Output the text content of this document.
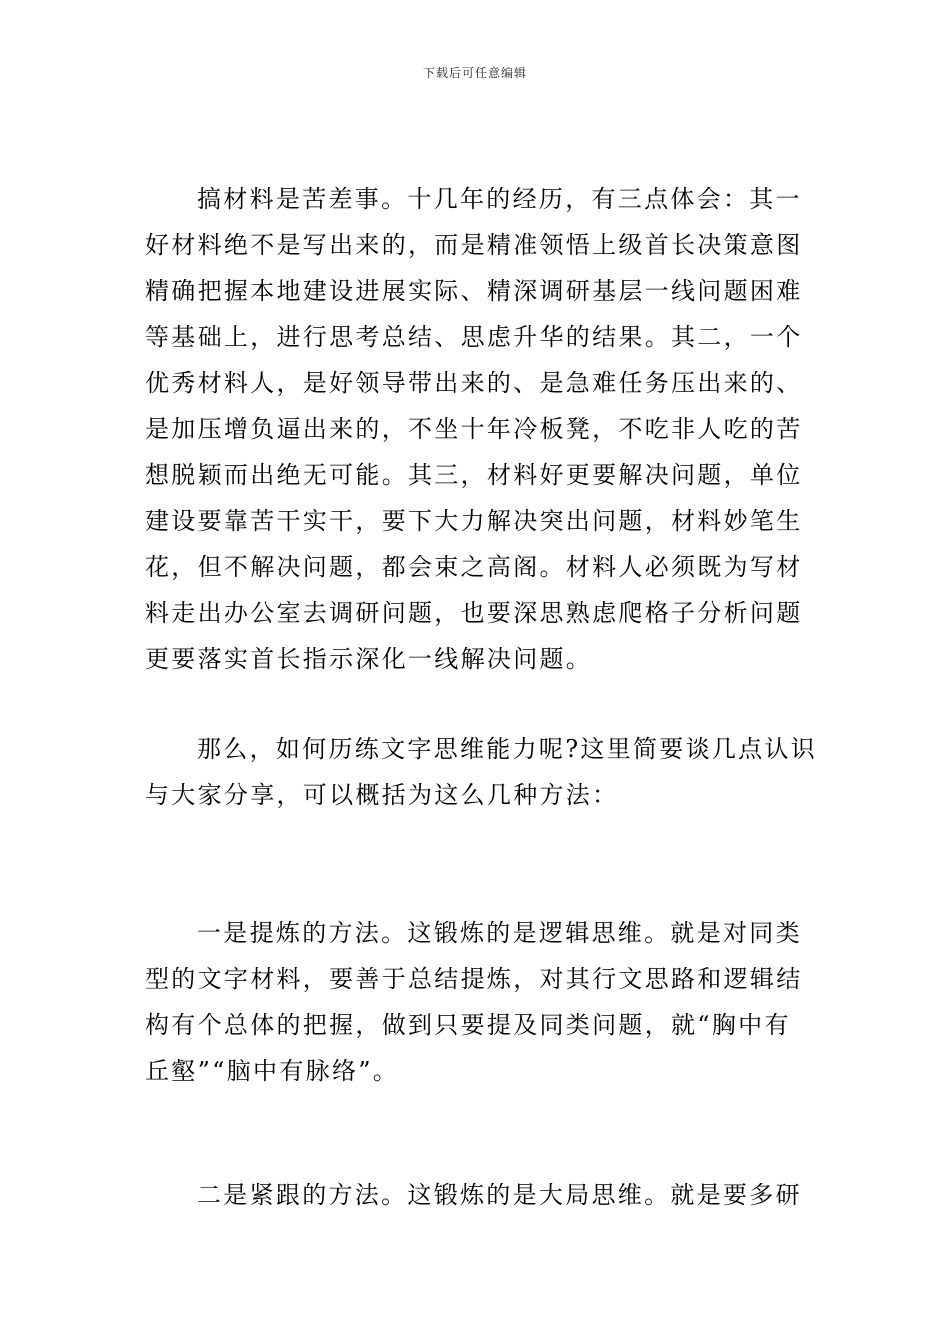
下载后可任意编辑
搞材料是苦差事。十几年的经历，有三点体会：其一
好材料绝不是写出来的，而是精准领悟上级首长决策意图
精确把握本地建设进展实际、精深调研基层一线问题困难
等基础上，进行思考总结、思虑升华的结果。其二，一个
优秀材料人，是好领导带出来的、是急难任务压出来的、
是加压增负逼出来的，不坐十年冷板凳，不吃非人吃的苦
想脱颖而出绝无可能。其三，材料好更要解决问题，单位
建设要靠苦干实干，要下大力解决突出问题，材料妙笔生
花，但不解决问题，都会束之高阁。材料人必须既为写材
料走出办公室去调研问题，也要深思熟虑爬格子分析问题
更要落实首长指示深化一线解决问题。
那么，如何历练文字思维能力呢?这里简要谈几点认识
与大家分享，可以概括为这么几种方法：
一是提炼的方法。这锻炼的是逻辑思维。就是对同类
型的文字材料，要善于总结提炼，对其行文思路和逻辑结
构有个总体的把握，做到只要提及同类问题，就“胸中有
丘壑”“脑中有脉络”。
二是紧跟的方法。这锻炼的是大局思维。就是要多研
